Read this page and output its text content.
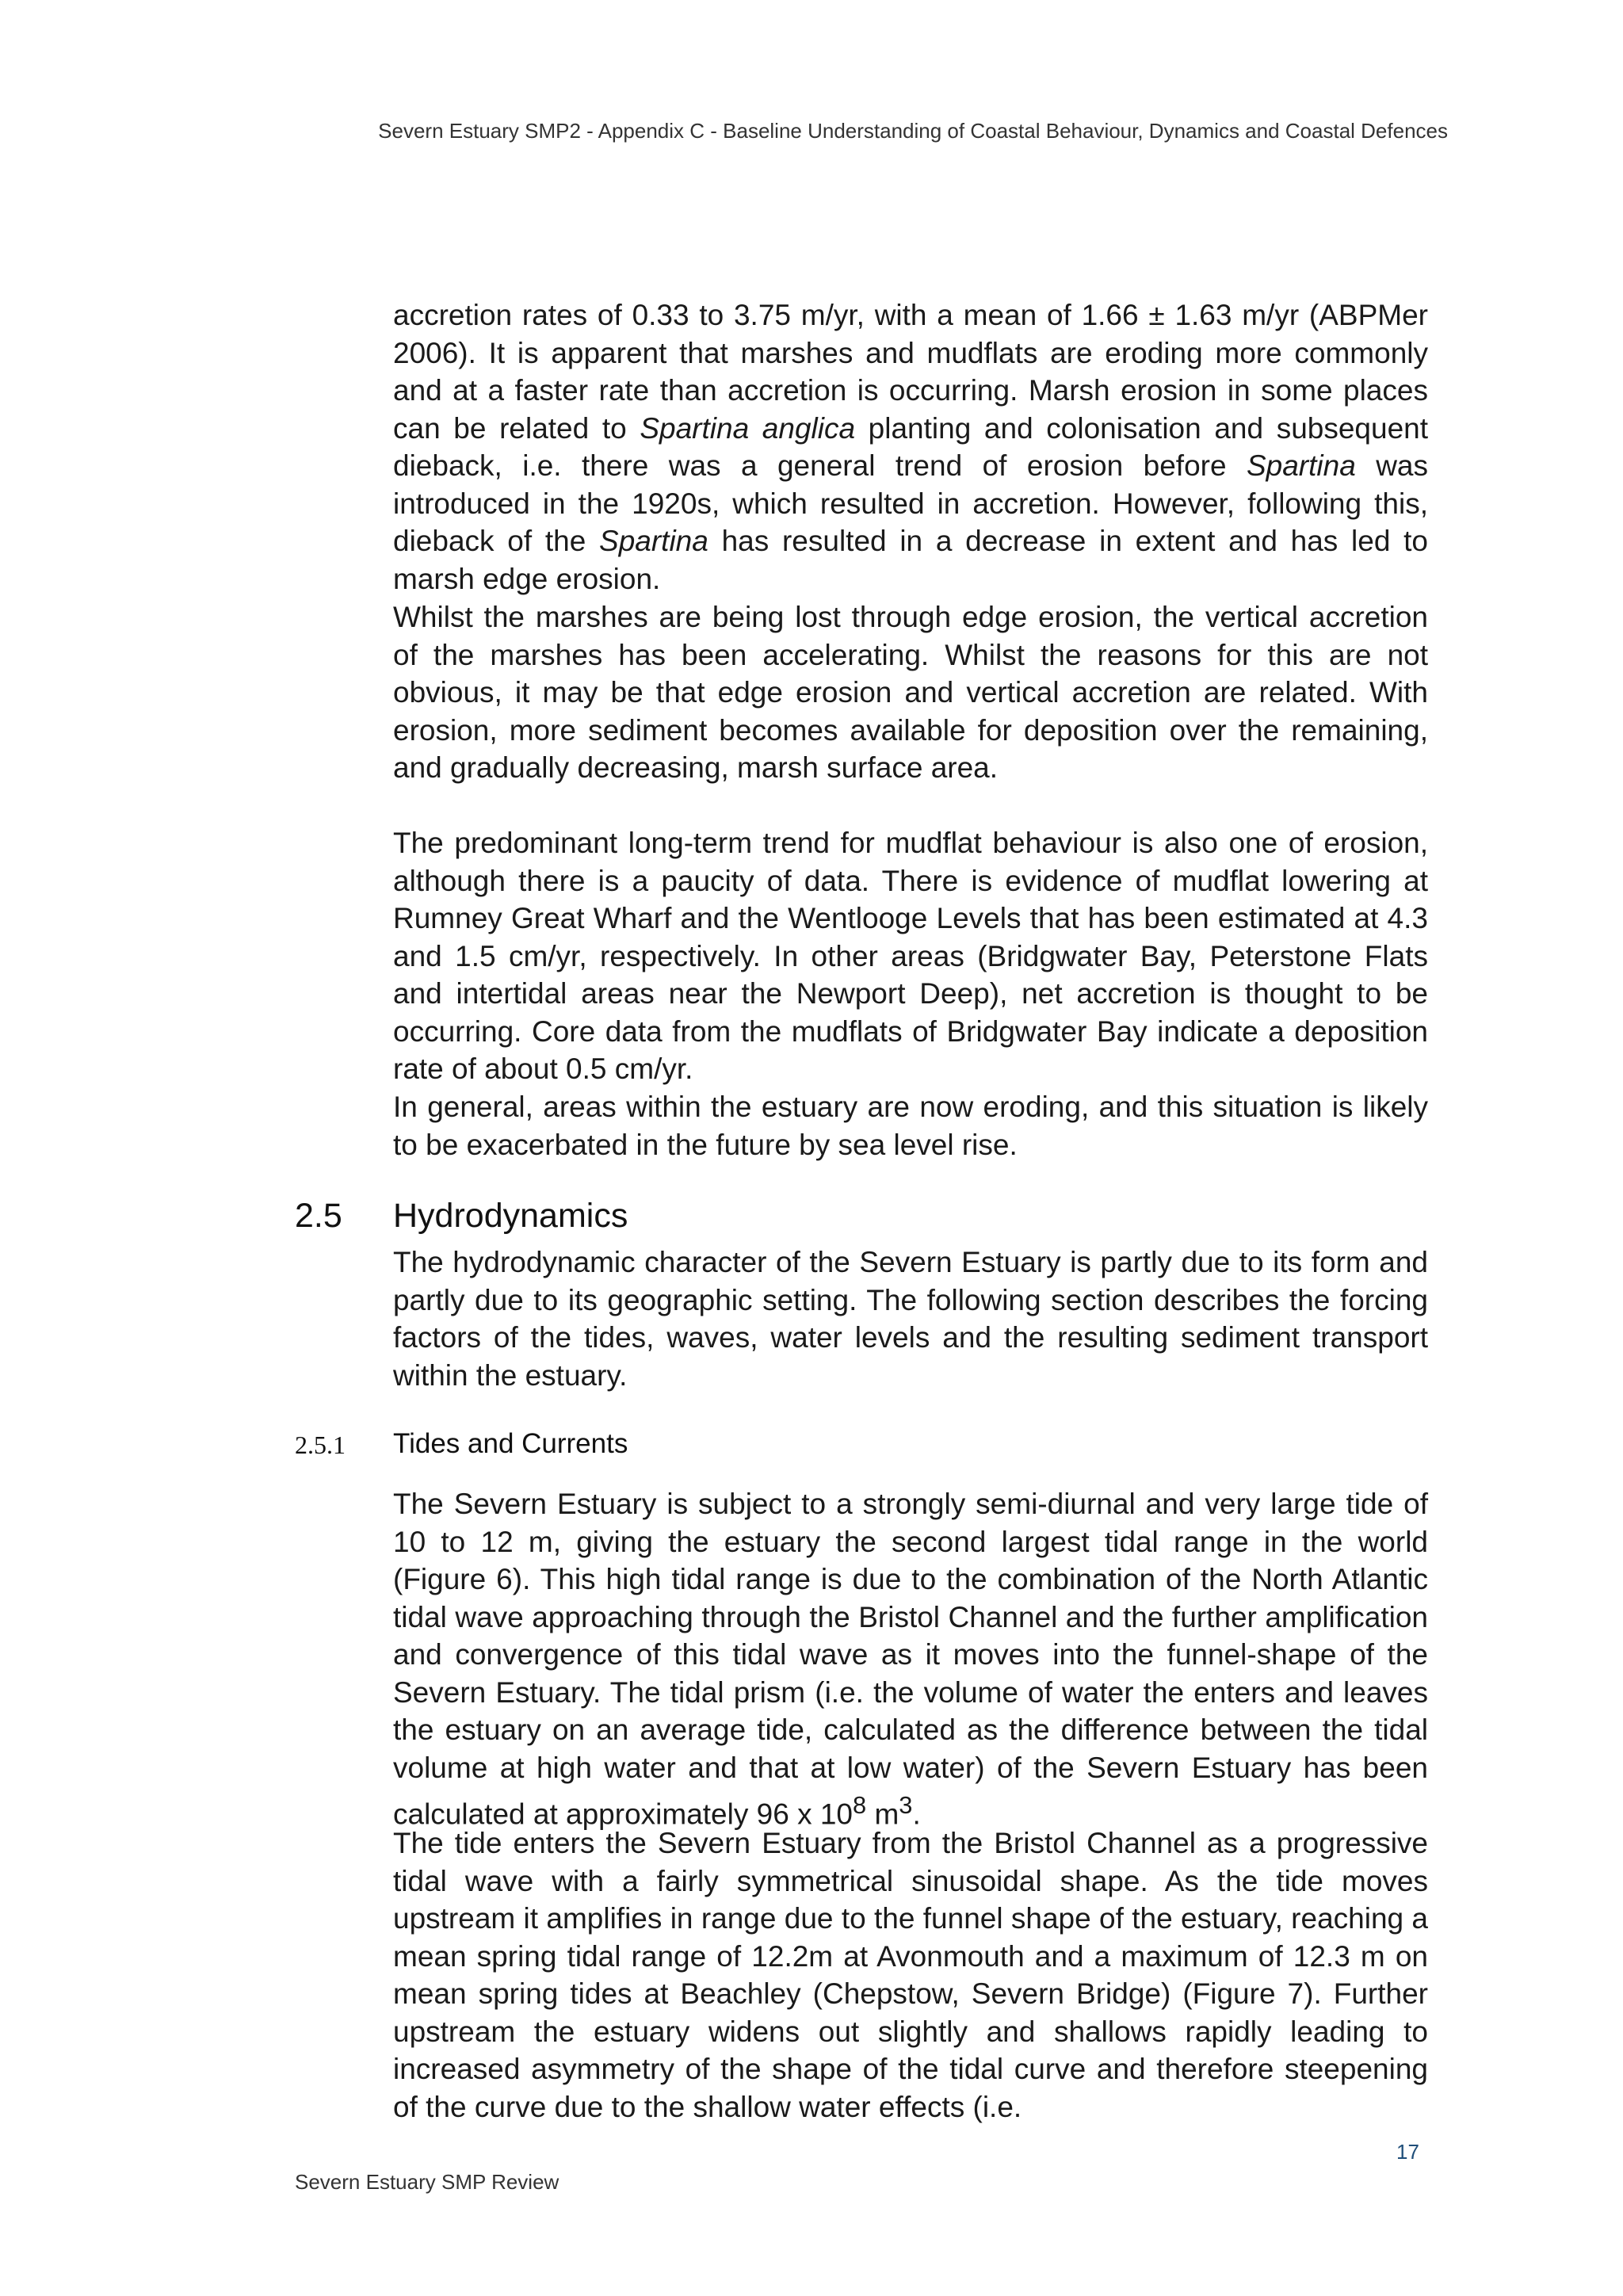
Severn Estuary SMP2 - Appendix C - Baseline Understanding of Coastal Behaviour, Dynamics and Coastal Defences

accretion rates of 0.33 to 3.75 m/yr, with a mean of 1.66 ± 1.63 m/yr (ABPMer 2006). It is apparent that marshes and mudflats are eroding more commonly and at a faster rate than accretion is occurring. Marsh erosion in some places can be related to Spartina anglica planting and colonisation and subsequent dieback, i.e. there was a general trend of erosion before Spartina was introduced in the 1920s, which resulted in accretion. However, following this, dieback of the Spartina has resulted in a decrease in extent and has led to marsh edge erosion.

Whilst the marshes are being lost through edge erosion, the vertical accretion of the marshes has been accelerating. Whilst the reasons for this are not obvious, it may be that edge erosion and vertical accretion are related. With erosion, more sediment becomes available for deposition over the remaining, and gradually decreasing, marsh surface area.

The predominant long-term trend for mudflat behaviour is also one of erosion, although there is a paucity of data. There is evidence of mudflat lowering at Rumney Great Wharf and the Wentlooge Levels that has been estimated at 4.3 and 1.5 cm/yr, respectively. In other areas (Bridgwater Bay, Peterstone Flats and intertidal areas near the Newport Deep), net accretion is thought to be occurring. Core data from the mudflats of Bridgwater Bay indicate a deposition rate of about 0.5 cm/yr.

In general, areas within the estuary are now eroding, and this situation is likely to be exacerbated in the future by sea level rise.

2.5 Hydrodynamics

The hydrodynamic character of the Severn Estuary is partly due to its form and partly due to its geographic setting. The following section describes the forcing factors of the tides, waves, water levels and the resulting sediment transport within the estuary.

2.5.1 Tides and Currents

The Severn Estuary is subject to a strongly semi-diurnal and very large tide of 10 to 12 m, giving the estuary the second largest tidal range in the world (Figure 6). This high tidal range is due to the combination of the North Atlantic tidal wave approaching through the Bristol Channel and the further amplification and convergence of this tidal wave as it moves into the funnel-shape of the Severn Estuary. The tidal prism (i.e. the volume of water the enters and leaves the estuary on an average tide, calculated as the difference between the tidal volume at high water and that at low water) of the Severn Estuary has been calculated at approximately 96 x $10^8$ $m^3$.

The tide enters the Severn Estuary from the Bristol Channel as a progressive tidal wave with a fairly symmetrical sinusoidal shape. As the tide moves upstream it amplifies in range due to the funnel shape of the estuary, reaching a mean spring tidal range of 12.2m at Avonmouth and a maximum of 12.3 m on mean spring tides at Beachley (Chepstow, Severn Bridge) (Figure 7). Further upstream the estuary widens out slightly and shallows rapidly leading to increased asymmetry of the shape of the tidal curve and therefore steepening of the curve due to the shallow water effects (i.e.

17
Severn Estuary SMP Review
